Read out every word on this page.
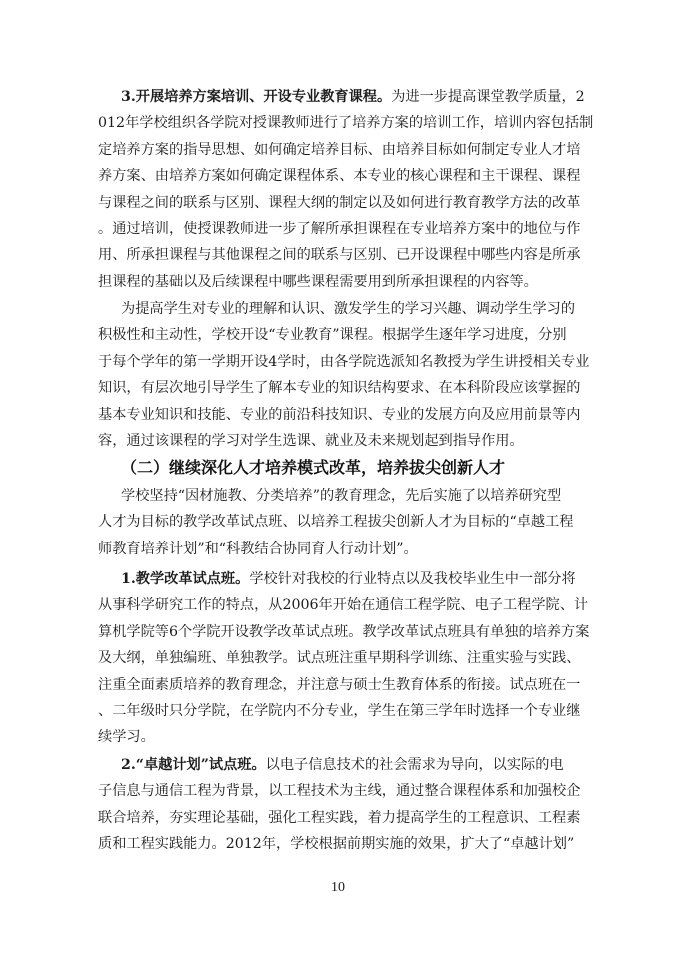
3.开展培养方案培训、开设专业教育课程。为进一步提高课堂教学质量，2
012年学校组织各学院对授课教师进行了培养方案的培训工作，培训内容包括制
定培养方案的指导思想、如何确定培养目标、由培养目标如何制定专业人才培
养方案、由培养方案如何确定课程体系、本专业的核心课程和主干课程、课程
与课程之间的联系与区别、课程大纲的制定以及如何进行教育教学方法的改革
。通过培训，使授课教师进一步了解所承担课程在专业培养方案中的地位与作
用、所承担课程与其他课程之间的联系与区别、已开设课程中哪些内容是所承
担课程的基础以及后续课程中哪些课程需要用到所承担课程的内容等。
为提高学生对专业的理解和认识、激发学生的学习兴趣、调动学生学习的
积极性和主动性，学校开设“专业教育”课程。根据学生逐年学习进度，分别
于每个学年的第一学期开设4学时，由各学院选派知名教授为学生讲授相关专业
知识，有层次地引导学生了解本专业的知识结构要求、在本科阶段应该掌握的
基本专业知识和技能、专业的前沿科技知识、专业的发展方向及应用前景等内
容，通过该课程的学习对学生选课、就业及未来规划起到指导作用。
（二）继续深化人才培养模式改革，培养拔尖创新人才
学校坚持“因材施教、分类培养”的教育理念，先后实施了以培养研究型
人才为目标的教学改革试点班、以培养工程拔尖创新人才为目标的“卓越工程
师教育培养计划”和“科教结合协同育人行动计划”。
1.教学改革试点班。学校针对我校的行业特点以及我校毕业生中一部分将
从事科学研究工作的特点，从2006年开始在通信工程学院、电子工程学院、计
算机学院等6个学院开设教学改革试点班。教学改革试点班具有单独的培养方案
及大纲，单独编班、单独教学。试点班注重早期科学训练、注重实验与实践、
注重全面素质培养的教育理念，并注意与硕士生教育体系的衔接。试点班在一
、二年级时只分学院，在学院内不分专业，学生在第三学年时选择一个专业继
续学习。
2.“卓越计划”试点班。以电子信息技术的社会需求为导向，以实际的电
子信息与通信工程为背景，以工程技术为主线，通过整合课程体系和加强校企
联合培养，夯实理论基础，强化工程实践，着力提高学生的工程意识、工程素
质和工程实践能力。2012年，学校根据前期实施的效果，扩大了“卓越计划”
10
